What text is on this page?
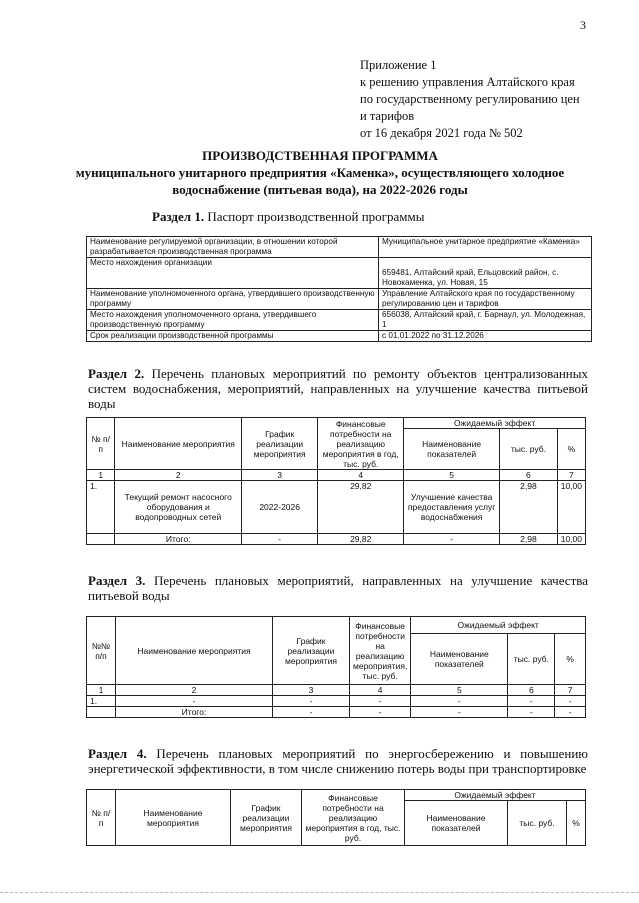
3
Приложение 1
к решению управления Алтайского края
по государственному регулированию цен
и тарифов
от 16 декабря 2021 года № 502
ПРОИЗВОДСТВЕННАЯ ПРОГРАММА
муниципального унитарного предприятия «Каменка», осуществляющего холодное
водоснабжение (питьевая вода), на 2022-2026 годы
Раздел 1. Паспорт производственной программы
Наименование регулируемой организации, в отношении которой разрабатывается производственная программа	Муниципальное унитарное предприятие «Каменка»
Место нахождения организации	659481, Алтайский край, Ельцовский район, с. Новокаменка, ул. Новая, 15
Наименование уполномоченного органа, утвердившего производственную программу	Управление Алтайского края по государственному регулированию цен и тарифов
Место нахождения уполномоченного органа, утвердившего производственную программу	656038, Алтайский край, г. Барнаул, ул. Молодежная, 1
Срок реализации производственной программы	с 01.01.2022 по 31.12.2026
Раздел 2. Перечень плановых мероприятий по ремонту объектов централизованных систем водоснабжения, мероприятий, направленных на улучшение качества питьевой воды
№ п/п	Наименование мероприятия	График реализации мероприятия	Финансовые потребности на реализацию мероприятия в год, тыс. руб.	Ожидаемый эффект		
				Наименование показателей	тыс. руб.	%
1	2	3	4	5	6	7
1.	Текущий ремонт насосного оборудования и водопроводных сетей	2022-2026	29,82	Улучшение качества предоставления услуг водоснабжения	2,98	10,00
	Итого:	-	29,82	-	2,98	10,00
Раздел 3. Перечень плановых мероприятий, направленных на улучшение качества питьевой воды
№№ п/п	Наименование мероприятия	График реализации мероприятия	Финансовые потребности на реализацию мероприятия, тыс. руб.	Ожидаемый эффект		
				Наименование показателей	тыс. руб.	%
1	2	3	4	5	6	7
1.	-	-	-	-	-	-
	Итого:	-	-	-	-	-
Раздел 4. Перечень плановых мероприятий по энергосбережению и повышению энергетической эффективности, в том числе снижению потерь воды при транспортировке
№ п/п	Наименование мероприятия	График реализации мероприятия	Финансовые потребности на реализацию мероприятия в год, тыс. руб.	Ожидаемый эффект		
				Наименование показателей	тыс. руб.	%
